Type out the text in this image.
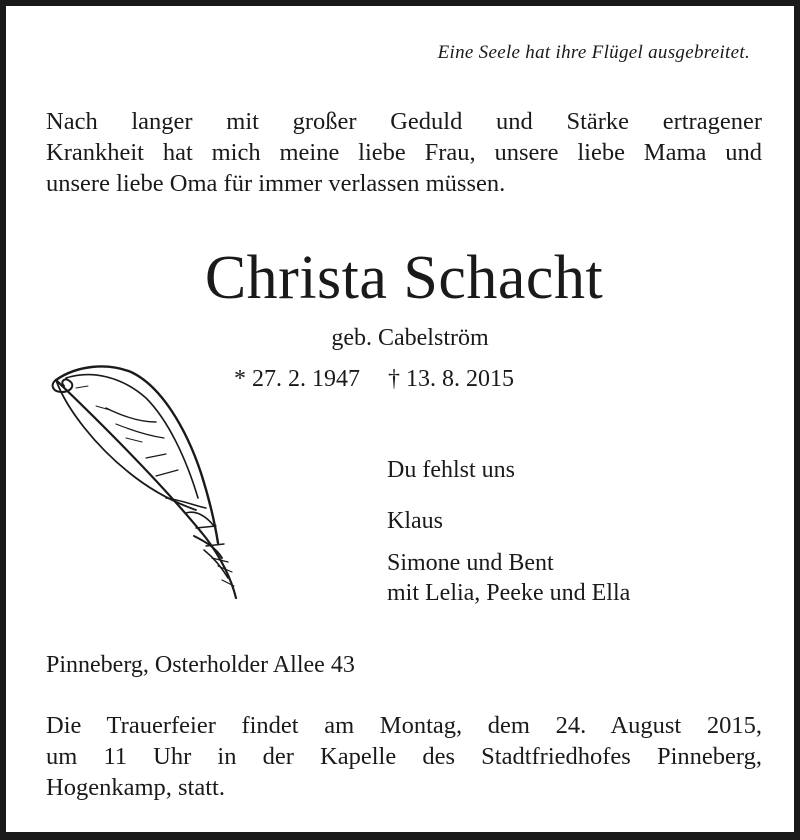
Eine Seele hat ihre Flügel ausgebreitet.
Nach langer mit großer Geduld und Stärke ertragener
Krankheit hat mich meine liebe Frau, unsere liebe Mama und
unsere liebe Oma für immer verlassen müssen.
Christa Schacht
geb. Cabelström
* 27. 2. 1947 † 13. 8. 2015
Du fehlst uns
Klaus
Simone und Bent
mit Lelia, Peeke und Ella
Pinneberg, Osterholder Allee 43
Die Trauerfeier findet am Montag, dem 24. August 2015,
um 11 Uhr in der Kapelle des Stadtfriedhofes Pinneberg,
Hogenkamp, statt.
